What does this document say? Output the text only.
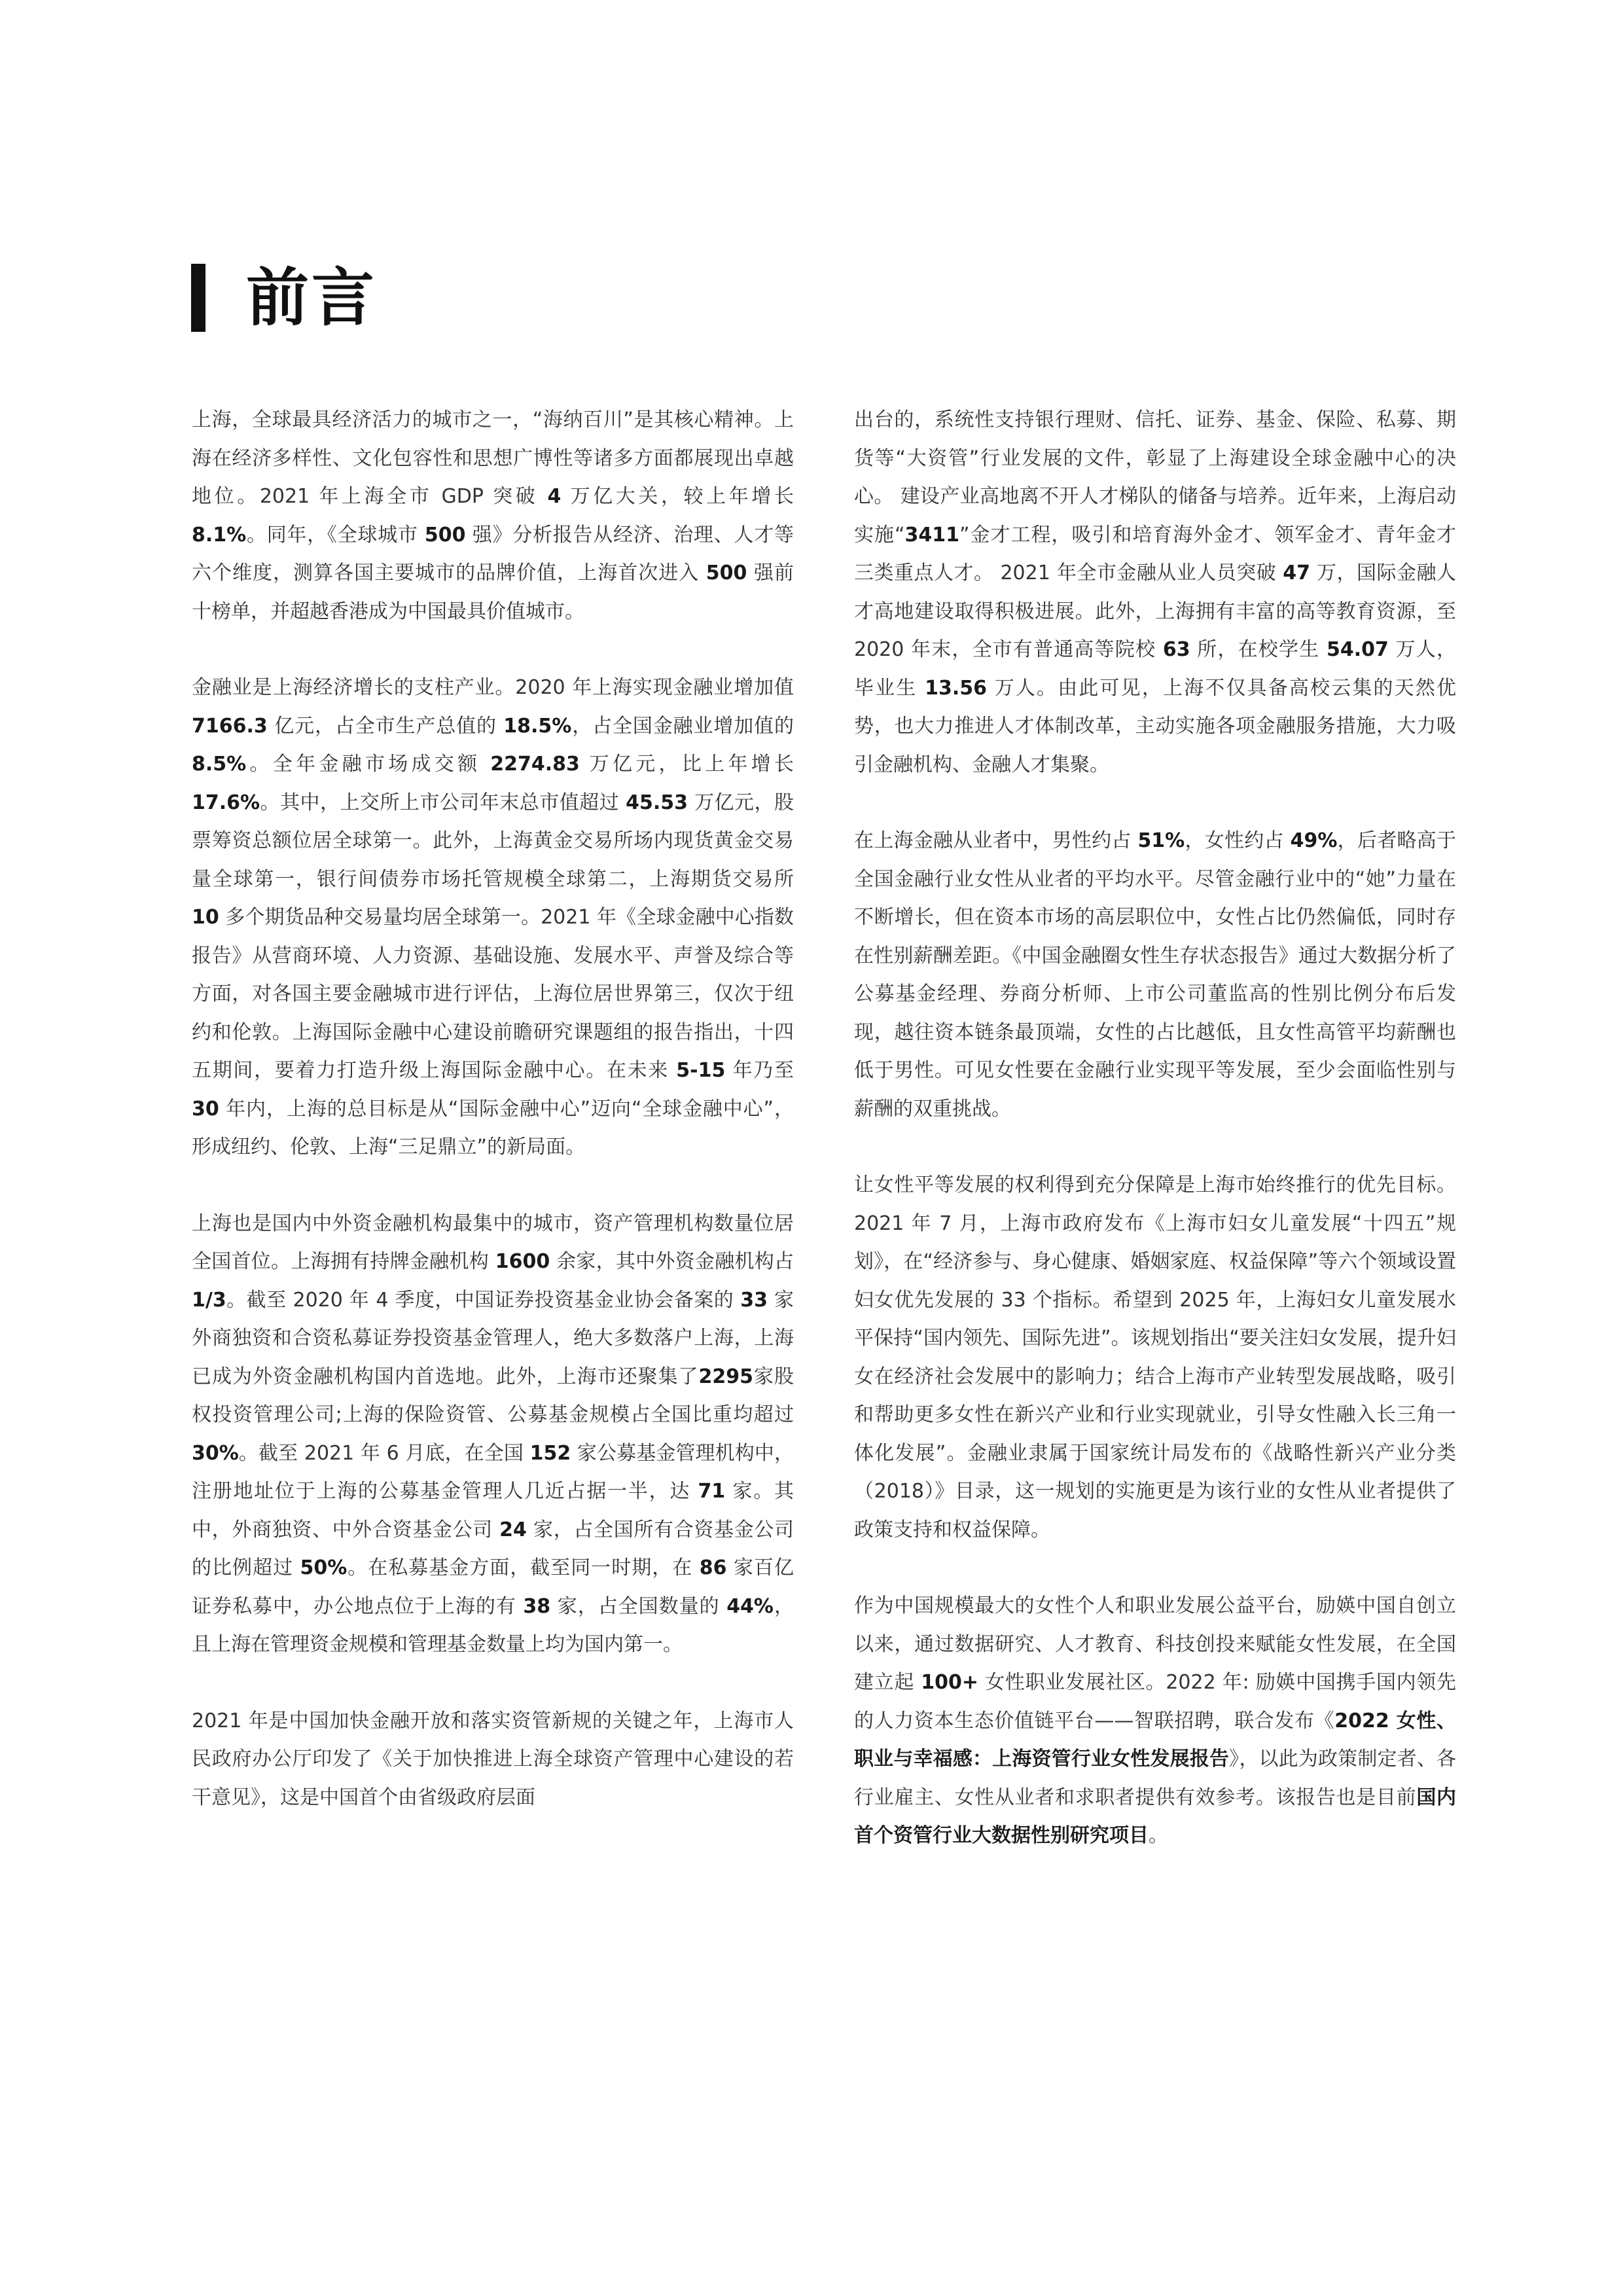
前言

上海，全球最具经济活力的城市之一，“海纳百川”是其核心精神。上海在经济多样性、文化包容性和思想广博性等诸多方面都展现出卓越地位。2021 年上海全市 GDP 突破 4 万亿大关，较上年增长 8.1%。同年，《全球城市 500 强》分析报告从经济、治理、人才等六个维度，测算各国主要城市的品牌价值，上海首次进入 500 强前十榜单，并超越香港成为中国最具价值城市。

金融业是上海经济增长的支柱产业。2020 年上海实现金融业增加值 7166.3 亿元，占全市生产总值的 18.5%，占全国金融业增加值的 8.5%。全年金融市场成交额 2274.83 万亿元，比上年增长 17.6%。其中，上交所上市公司年末总市值超过 45.53 万亿元，股票筹资总额位居全球第一。此外，上海黄金交易所场内现货黄金交易量全球第一，银行间债券市场托管规模全球第二，上海期货交易所 10 多个期货品种交易量均居全球第一。2021 年《全球金融中心指数报告》从营商环境、人力资源、基础设施、发展水平、声誉及综合等方面，对各国主要金融城市进行评估，上海位居世界第三，仅次于纽约和伦敦。上海国际金融中心建设前瞻研究课题组的报告指出，十四五期间，要着力打造升级上海国际金融中心。在未来 5-15 年乃至 30 年内，上海的总目标是从“国际金融中心”迈向“全球金融中心”，形成纽约、伦敦、上海“三足鼎立”的新局面。

上海也是国内中外资金融机构最集中的城市，资产管理机构数量位居全国首位。上海拥有持牌金融机构 1600 余家，其中外资金融机构占 1/3。截至 2020 年 4 季度，中国证券投资基金业协会备案的 33 家外商独资和合资私募证券投资基金管理人，绝大多数落户上海，上海已成为外资金融机构国内首选地。此外，上海市还聚集了2295家股权投资管理公司;上海的保险资管、公募基金规模占全国比重均超过 30%。截至 2021 年 6 月底，在全国 152 家公募基金管理机构中，注册地址位于上海的公募基金管理人几近占据一半，达 71 家。其中，外商独资、中外合资基金公司 24 家，占全国所有合资基金公司的比例超过 50%。在私募基金方面，截至同一时期，在 86 家百亿证券私募中，办公地点位于上海的有 38 家，占全国数量的 44%，且上海在管理资金规模和管理基金数量上均为国内第一。

2021 年是中国加快金融开放和落实资管新规的关键之年，上海市人民政府办公厅印发了《关于加快推进上海全球资产管理中心建设的若干意见》，这是中国首个由省级政府层面

出台的，系统性支持银行理财、信托、证券、基金、保险、私募、期货等“大资管”行业发展的文件，彰显了上海建设全球金融中心的决心。 建设产业高地离不开人才梯队的储备与培养。近年来，上海启动实施“3411”金才工程，吸引和培育海外金才、领军金才、青年金才三类重点人才。 2021 年全市金融从业人员突破 47 万，国际金融人才高地建设取得积极进展。此外，上海拥有丰富的高等教育资源，至 2020 年末，全市有普通高等院校 63 所，在校学生 54.07 万人，毕业生 13.56 万人。由此可见，上海不仅具备高校云集的天然优势，也大力推进人才体制改革，主动实施各项金融服务措施，大力吸引金融机构、金融人才集聚。

在上海金融从业者中，男性约占 51%，女性约占 49%，后者略高于全国金融行业女性从业者的平均水平。尽管金融行业中的“她”力量在不断增长，但在资本市场的高层职位中，女性占比仍然偏低，同时存在性别薪酬差距。《中国金融圈女性生存状态报告》通过大数据分析了公募基金经理、券商分析师、上市公司董监高的性别比例分布后发现，越往资本链条最顶端，女性的占比越低，且女性高管平均薪酬也低于男性。可见女性要在金融行业实现平等发展，至少会面临性别与薪酬的双重挑战。

让女性平等发展的权利得到充分保障是上海市始终推行的优先目标。2021 年 7 月，上海市政府发布《上海市妇女儿童发展“十四五”规划》，在“经济参与、身心健康、婚姻家庭、权益保障”等六个领域设置妇女优先发展的 33 个指标。希望到 2025 年，上海妇女儿童发展水平保持“国内领先、国际先进”。该规划指出“要关注妇女发展，提升妇女在经济社会发展中的影响力；结合上海市产业转型发展战略，吸引和帮助更多女性在新兴产业和行业实现就业，引导女性融入长三角一体化发展”。金融业隶属于国家统计局发布的《战略性新兴产业分类（2018）》目录，这一规划的实施更是为该行业的女性从业者提供了政策支持和权益保障。

作为中国规模最大的女性个人和职业发展公益平台，励媖中国自创立以来，通过数据研究、人才教育、科技创投来赋能女性发展，在全国建立起 100+ 女性职业发展社区。2022 年: 励媖中国携手国内领先的人力资本生态价值链平台——智联招聘，联合发布《2022 女性、职业与幸福感：上海资管行业女性发展报告》，以此为政策制定者、各行业雇主、女性从业者和求职者提供有效参考。该报告也是目前国内首个资管行业大数据性别研究项目。
